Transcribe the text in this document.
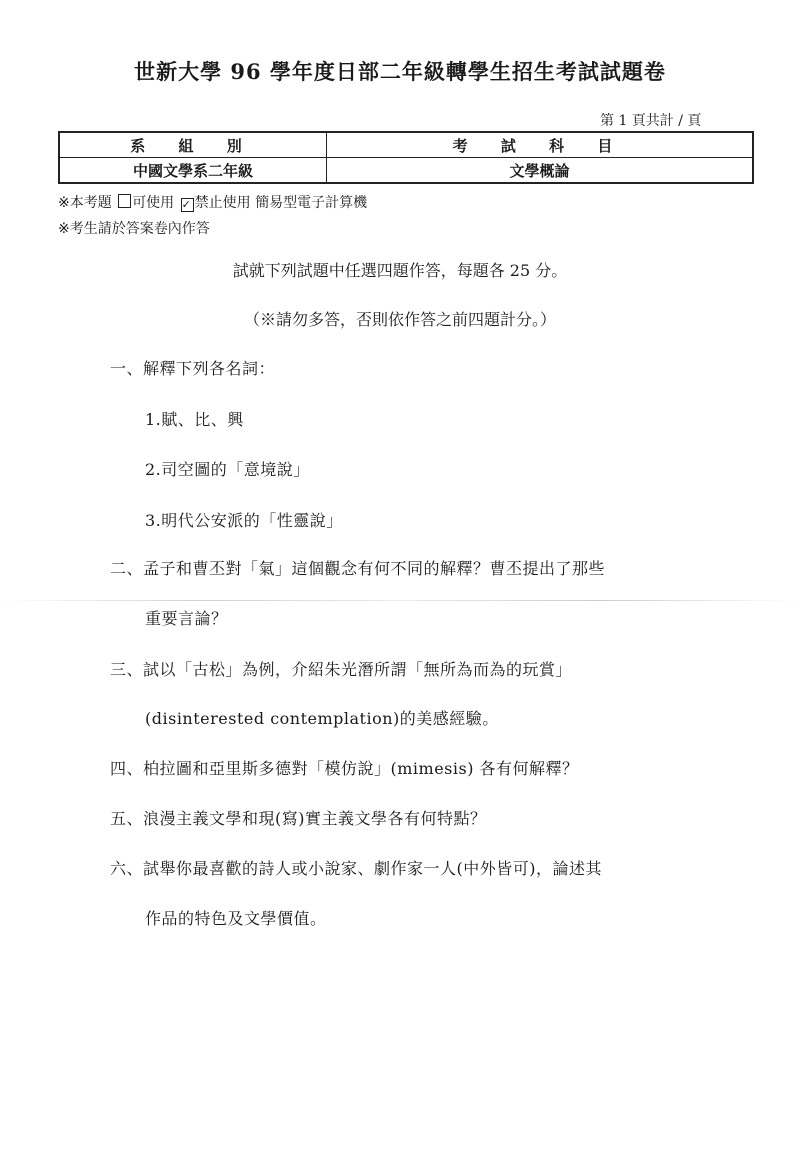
世新大學 96 學年度日部二年級轉學生招生考試試題卷
第 1 頁共計 / 頁
系 組 別	考 試 科 目
中國文學系二年級	文學概論
※本考題 可使用 ✓ 禁止使用 簡易型電子計算機
※考生請於答案卷內作答
試就下列試題中任選四題作答，每題各 25 分。
（※請勿多答，否則依作答之前四題計分。）
一、解釋下列各名詞：
1.賦、比、興
2.司空圖的「意境說」
3.明代公安派的「性靈說」
二、孟子和曹丕對「氣」這個觀念有何不同的解釋？曹丕提出了那些
重要言論？
三、試以「古松」為例，介紹朱光潛所謂「無所為而為的玩賞」
(disinterested contemplation)的美感經驗。
四、柏拉圖和亞里斯多德對「模仿說」(mimesis) 各有何解釋？
五、浪漫主義文學和現(寫)實主義文學各有何特點？
六、試舉你最喜歡的詩人或小說家、劇作家一人(中外皆可)，論述其
作品的特色及文學價值。
